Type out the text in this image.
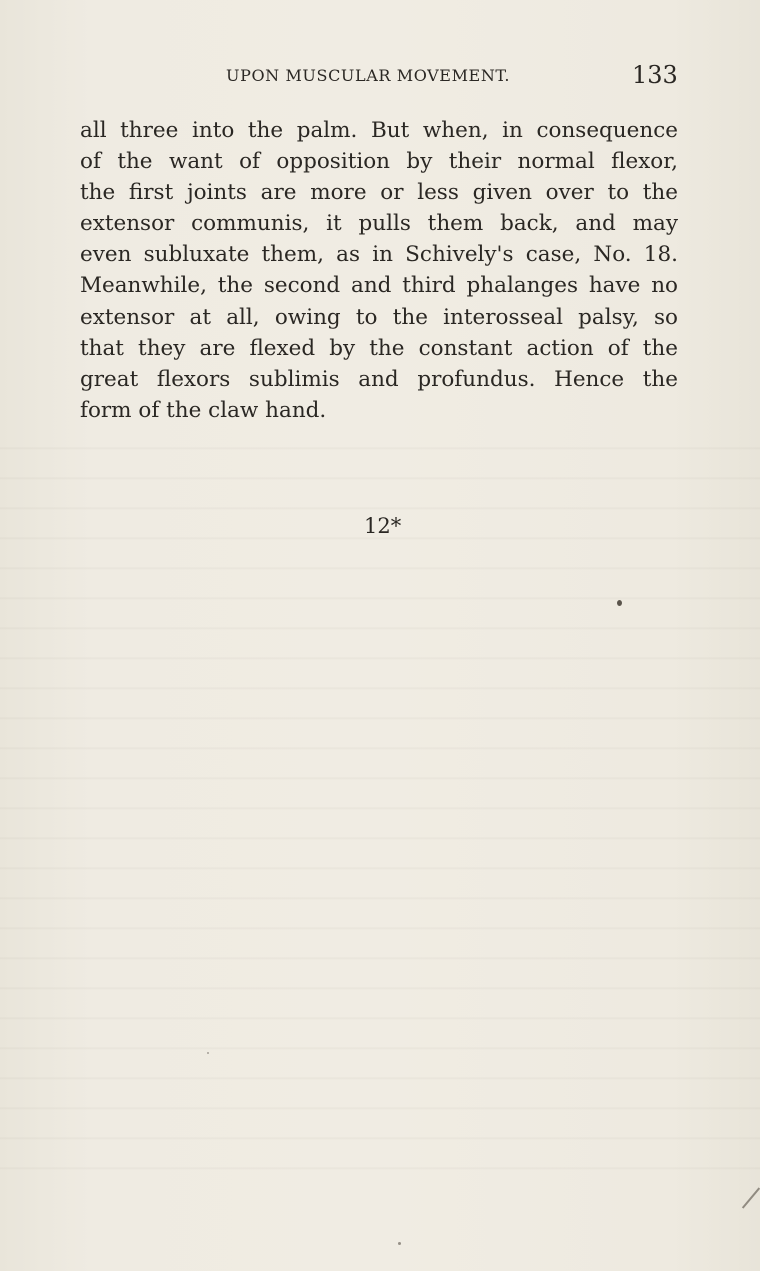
UPON MUSCULAR MOVEMENT.	133
all three into the palm. But when, in consequence
of the want of opposition by their normal flexor,
the first joints are more or less given over to the
extensor communis, it pulls them back, and may
even subluxate them, as in Schively's case, No. 18.
Meanwhile, the second and third phalanges have no
extensor at all, owing to the interosseal palsy, so
that they are flexed by the constant action of the
great flexors sublimis and profundus. Hence the
form of the claw hand.
12*
